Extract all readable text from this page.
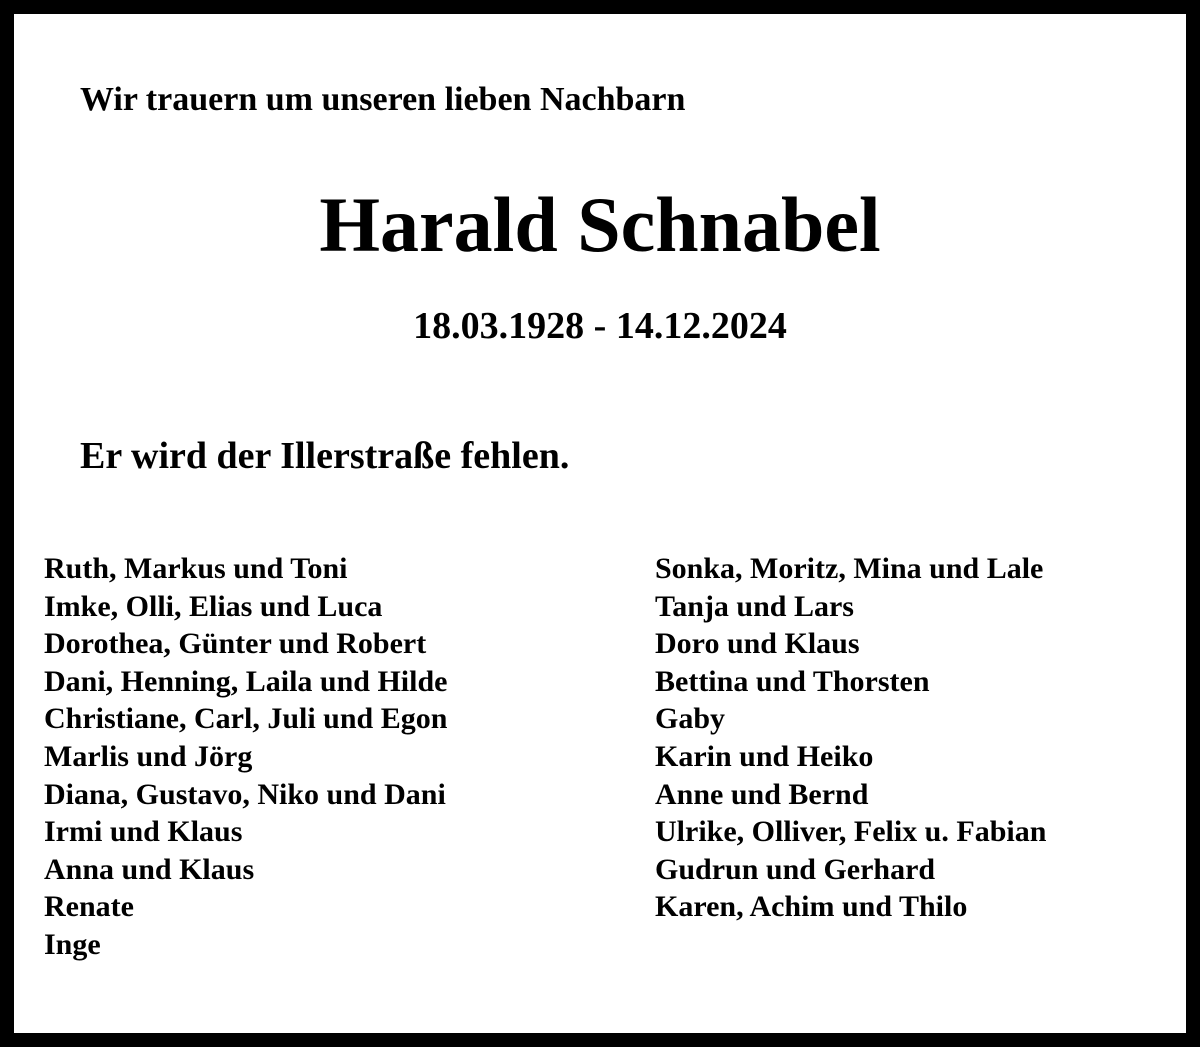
Wir trauern um unseren lieben Nachbarn
Harald Schnabel
18.03.1928 - 14.12.2024
Er wird der Illerstraße fehlen.
Ruth, Markus und Toni
Imke, Olli, Elias und Luca
Dorothea, Günter und Robert
Dani, Henning, Laila und Hilde
Christiane, Carl, Juli und Egon
Marlis und Jörg
Diana, Gustavo, Niko und Dani
Irmi und Klaus
Anna und Klaus
Renate
Inge
Sonka, Moritz, Mina und Lale
Tanja und Lars
Doro und Klaus
Bettina und Thorsten
Gaby
Karin und Heiko
Anne und Bernd
Ulrike, Olliver, Felix u. Fabian
Gudrun und Gerhard
Karen, Achim und Thilo
